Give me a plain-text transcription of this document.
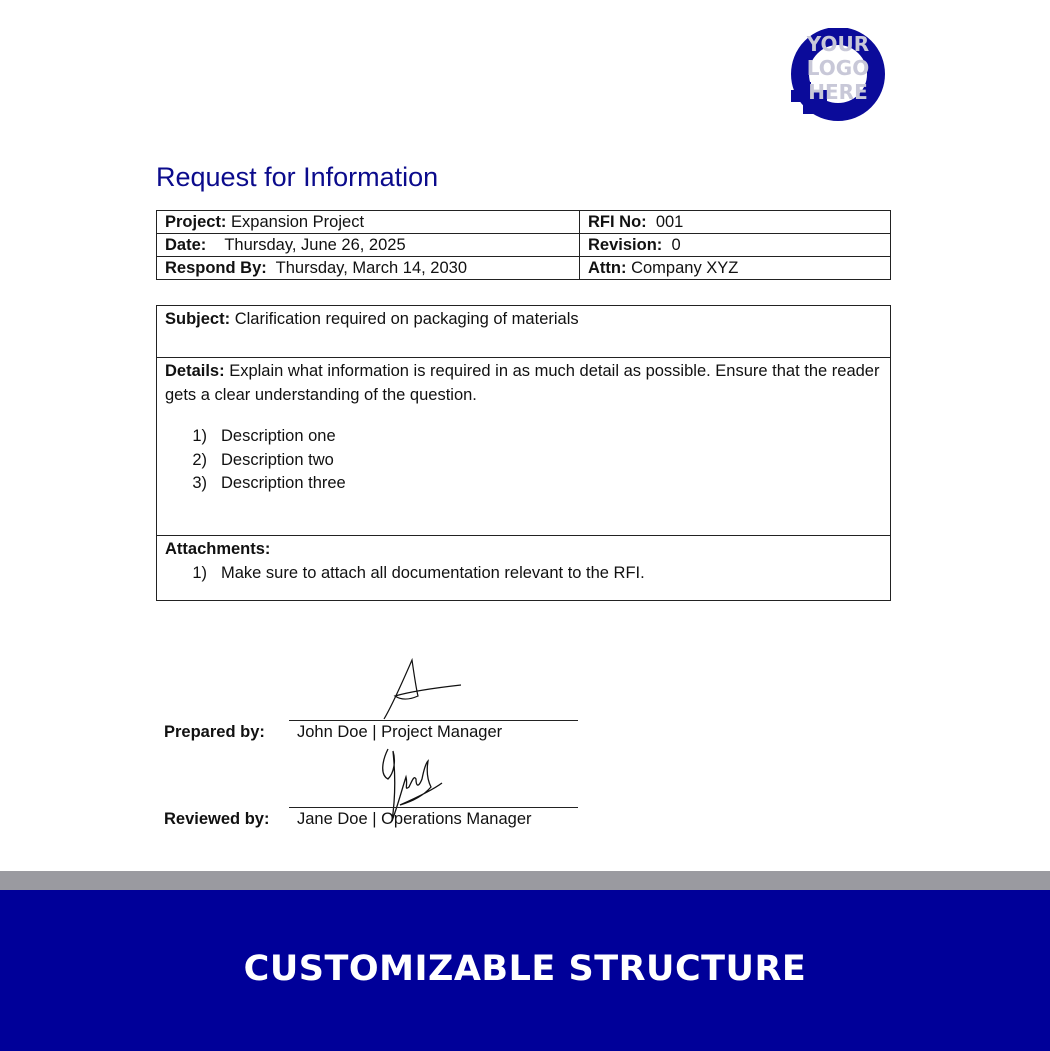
YOUR
LOGO
HERE
Request for Information
Project: Expansion Project	RFI No: 001
Date: Thursday, June 26, 2025	Revision: 0
Respond By: Thursday, March 14, 2030	Attn: Company XYZ
Subject: Clarification required on packaging of materials
Details: Explain what information is required in as much detail as possible. Ensure that the reader gets a clear understanding of the question.
1) Description one
2) Description two
3) Description three
Attachments:
1) Make sure to attach all documentation relevant to the RFI.
Prepared by: John Doe | Project Manager
Reviewed by: Jane Doe | Operations Manager
CUSTOMIZABLE STRUCTURE
